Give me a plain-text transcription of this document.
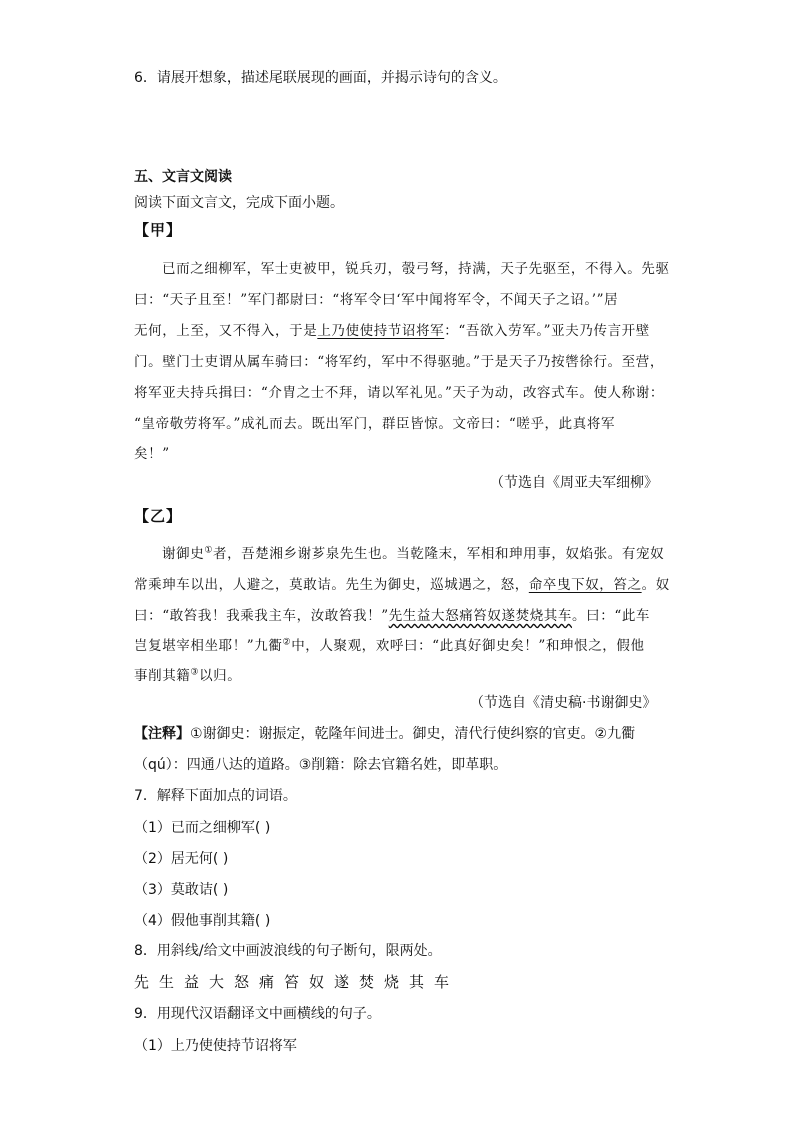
6．请展开想象，描述尾联展现的画面，并揭示诗句的含义。
五、文言文阅读
阅读下面文言文，完成下面小题。
【甲】
已而之细柳军，军士吏被甲，锐兵刃，彀弓弩，持满，天子先驱至，不得入。先驱
曰：“天子且至！”军门都尉曰：“将军令曰‘军中闻将军令，不闻天子之诏。’”居
无何，上至，又不得入，于是上乃使使持节诏将军：“吾欲入劳军。”亚夫乃传言开壁
门。壁门士吏谓从属车骑曰：“将军约，军中不得驱驰。”于是天子乃按辔徐行。至营，
将军亚夫持兵揖曰：“介胄之士不拜，请以军礼见。”天子为动，改容式车。使人称谢：
“皇帝敬劳将军。”成礼而去。既出军门，群臣皆惊。文帝曰：“嗟乎，此真将军
矣！”
（节选自《周亚夫军细柳》
【乙】
谢御史①者，吾楚湘乡谢芗泉先生也。当乾隆末，军相和珅用事，奴焰张。有宠奴
常乘珅车以出，人避之，莫敢诘。先生为御史，巡城遇之，怒，命卒曳下奴，笞之。奴
曰：“敢笞我！我乘我主车，汝敢笞我！”先生益大怒痛笞奴遂焚烧其车。曰：“此车
岂复堪宰相坐耶！”九衢②中，人聚观，欢呼曰：“此真好御史矣！”和珅恨之，假他
事削其籍③以归。
（节选自《清史稿·书谢御史》
【注释】①谢御史：谢振定，乾隆年间进士。御史，清代行使纠察的官吏。②九衢
（qú）：四通八达的道路。③削籍：除去官籍名姓，即革职。
7．解释下面加点的词语。
（1）已而之细柳军( )
（2）居无何( )
（3）莫敢诘( )
（4）假他事削其籍( )
8．用斜线/给文中画波浪线的句子断句，限两处。
先生益大怒痛笞奴遂焚烧其车
9．用现代汉语翻译文中画横线的句子。
（1）上乃使使持节诏将军
